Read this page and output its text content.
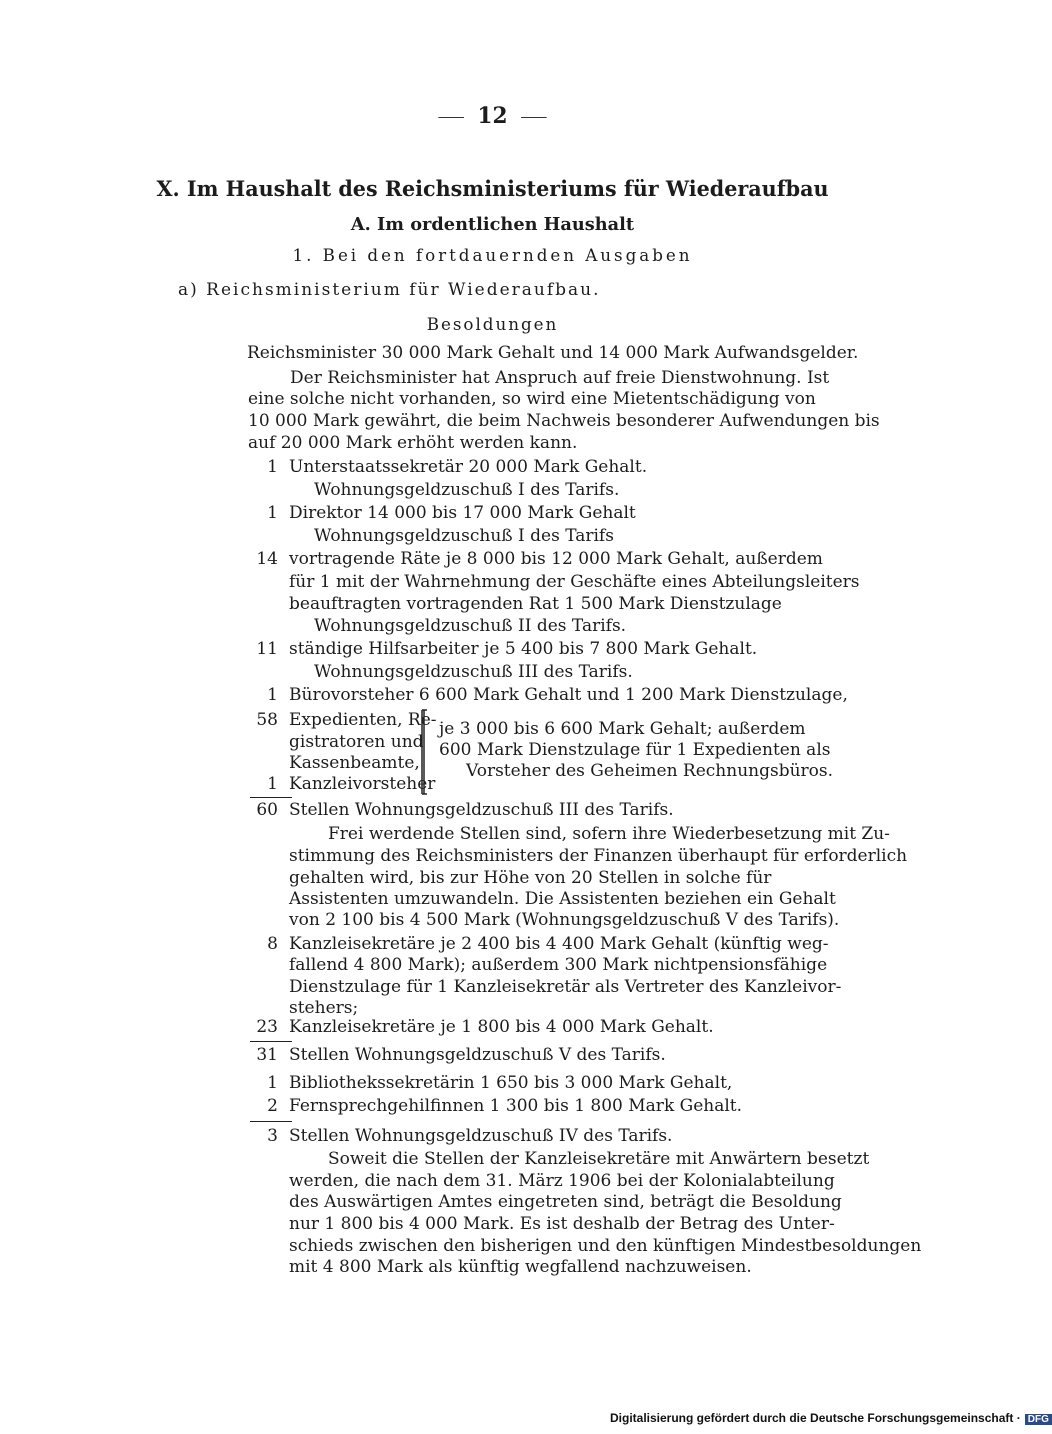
12
X. Im Haushalt des Reichsministeriums für Wiederaufbau
A. Im ordentlichen Haushalt
1. Bei den fortdauernden Ausgaben
a) Reichsministerium für Wiederaufbau.
Besoldungen
Reichsminister 30 000 Mark Gehalt und 14 000 Mark Aufwandsgelder.
Der Reichsminister hat Anspruch auf freie Dienstwohnung. Ist
eine solche nicht vorhanden, so wird eine Mietentschädigung von
10 000 Mark gewährt, die beim Nachweis besonderer Aufwendungen bis
auf 20 000 Mark erhöht werden kann.
1 Unterstaatssekretär 20 000 Mark Gehalt.
Wohnungsgeldzuschuß I des Tarifs.
1 Direktor 14 000 bis 17 000 Mark Gehalt
Wohnungsgeldzuschuß I des Tarifs
14 vortragende Räte je 8 000 bis 12 000 Mark Gehalt, außerdem
für 1 mit der Wahrnehmung der Geschäfte eines Abteilungsleiters
beauftragten vortragenden Rat 1 500 Mark Dienstzulage
Wohnungsgeldzuschuß II des Tarifs.
11 ständige Hilfsarbeiter je 5 400 bis 7 800 Mark Gehalt.
Wohnungsgeldzuschuß III des Tarifs.
1 Bürovorsteher 6 600 Mark Gehalt und 1 200 Mark Dienstzulage,
58 Expedienten, Re-
gistratoren und
Kassenbeamte,
1 Kanzleivorsteher
je 3 000 bis 6 600 Mark Gehalt; außerdem
600 Mark Dienstzulage für 1 Expedienten als
Vorsteher des Geheimen Rechnungsbüros.
60 Stellen Wohnungsgeldzuschuß III des Tarifs.
Frei werdende Stellen sind, sofern ihre Wiederbesetzung mit Zu-
stimmung des Reichsministers der Finanzen überhaupt für erforderlich
gehalten wird, bis zur Höhe von 20 Stellen in solche für
Assistenten umzuwandeln. Die Assistenten beziehen ein Gehalt
von 2 100 bis 4 500 Mark (Wohnungsgeldzuschuß V des Tarifs).
8 Kanzleisekretäre je 2 400 bis 4 400 Mark Gehalt (künftig weg-
fallend 4 800 Mark); außerdem 300 Mark nichtpensionsfähige
Dienstzulage für 1 Kanzleisekretär als Vertreter des Kanzleivor-
stehers;
23 Kanzleisekretäre je 1 800 bis 4 000 Mark Gehalt.
31 Stellen Wohnungsgeldzuschuß V des Tarifs.
1 Bibliothekssekretärin 1 650 bis 3 000 Mark Gehalt,
2 Fernsprechgehilfinnen 1 300 bis 1 800 Mark Gehalt.
3 Stellen Wohnungsgeldzuschuß IV des Tarifs.
Soweit die Stellen der Kanzleisekretäre mit Anwärtern besetzt
werden, die nach dem 31. März 1906 bei der Kolonialabteilung
des Auswärtigen Amtes eingetreten sind, beträgt die Besoldung
nur 1 800 bis 4 000 Mark. Es ist deshalb der Betrag des Unter-
schieds zwischen den bisherigen und den künftigen Mindestbesoldungen
mit 4 800 Mark als künftig wegfallend nachzuweisen.
Digitalisierung gefördert durch die Deutsche Forschungsgemeinschaft · DFG
